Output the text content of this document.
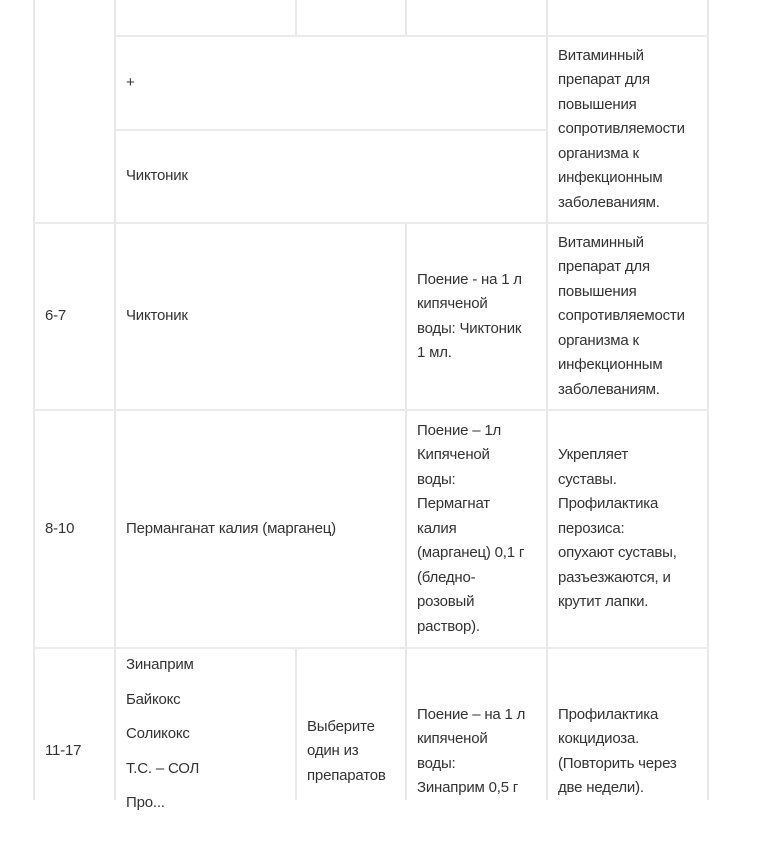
+
Чиктоник
Витаминный
препарат для
повышения
сопротивляемости
организма к
инфекционным
заболеваниям.
6-7	Чиктоник
Поение - на 1 л
кипяченой
воды: Чиктоник
1 мл.
Витаминный
препарат для
повышения
сопротивляемости
организма к
инфекционным
заболеваниям.
8-10	Перманганат калия (марганец)
Поение – 1л
Кипяченой
воды:
Пермагнат
калия
(марганец) 0,1 г
(бледно-
розовый
раствор).
Укрепляет
суставы.
Профилактика
перозиса:
опухают суставы,
разъезжаются, и
крутит лапки.
11-17
Зинаприм
Байкокс
Соликокс
Т.С. – СОЛ
Про...
Выберите
один из
препаратов
Поение – на 1 л
кипяченой
воды:
Зинаприм 0,5 г
Профилактика
кокцидиоза.
(Повторить через
две недели).
